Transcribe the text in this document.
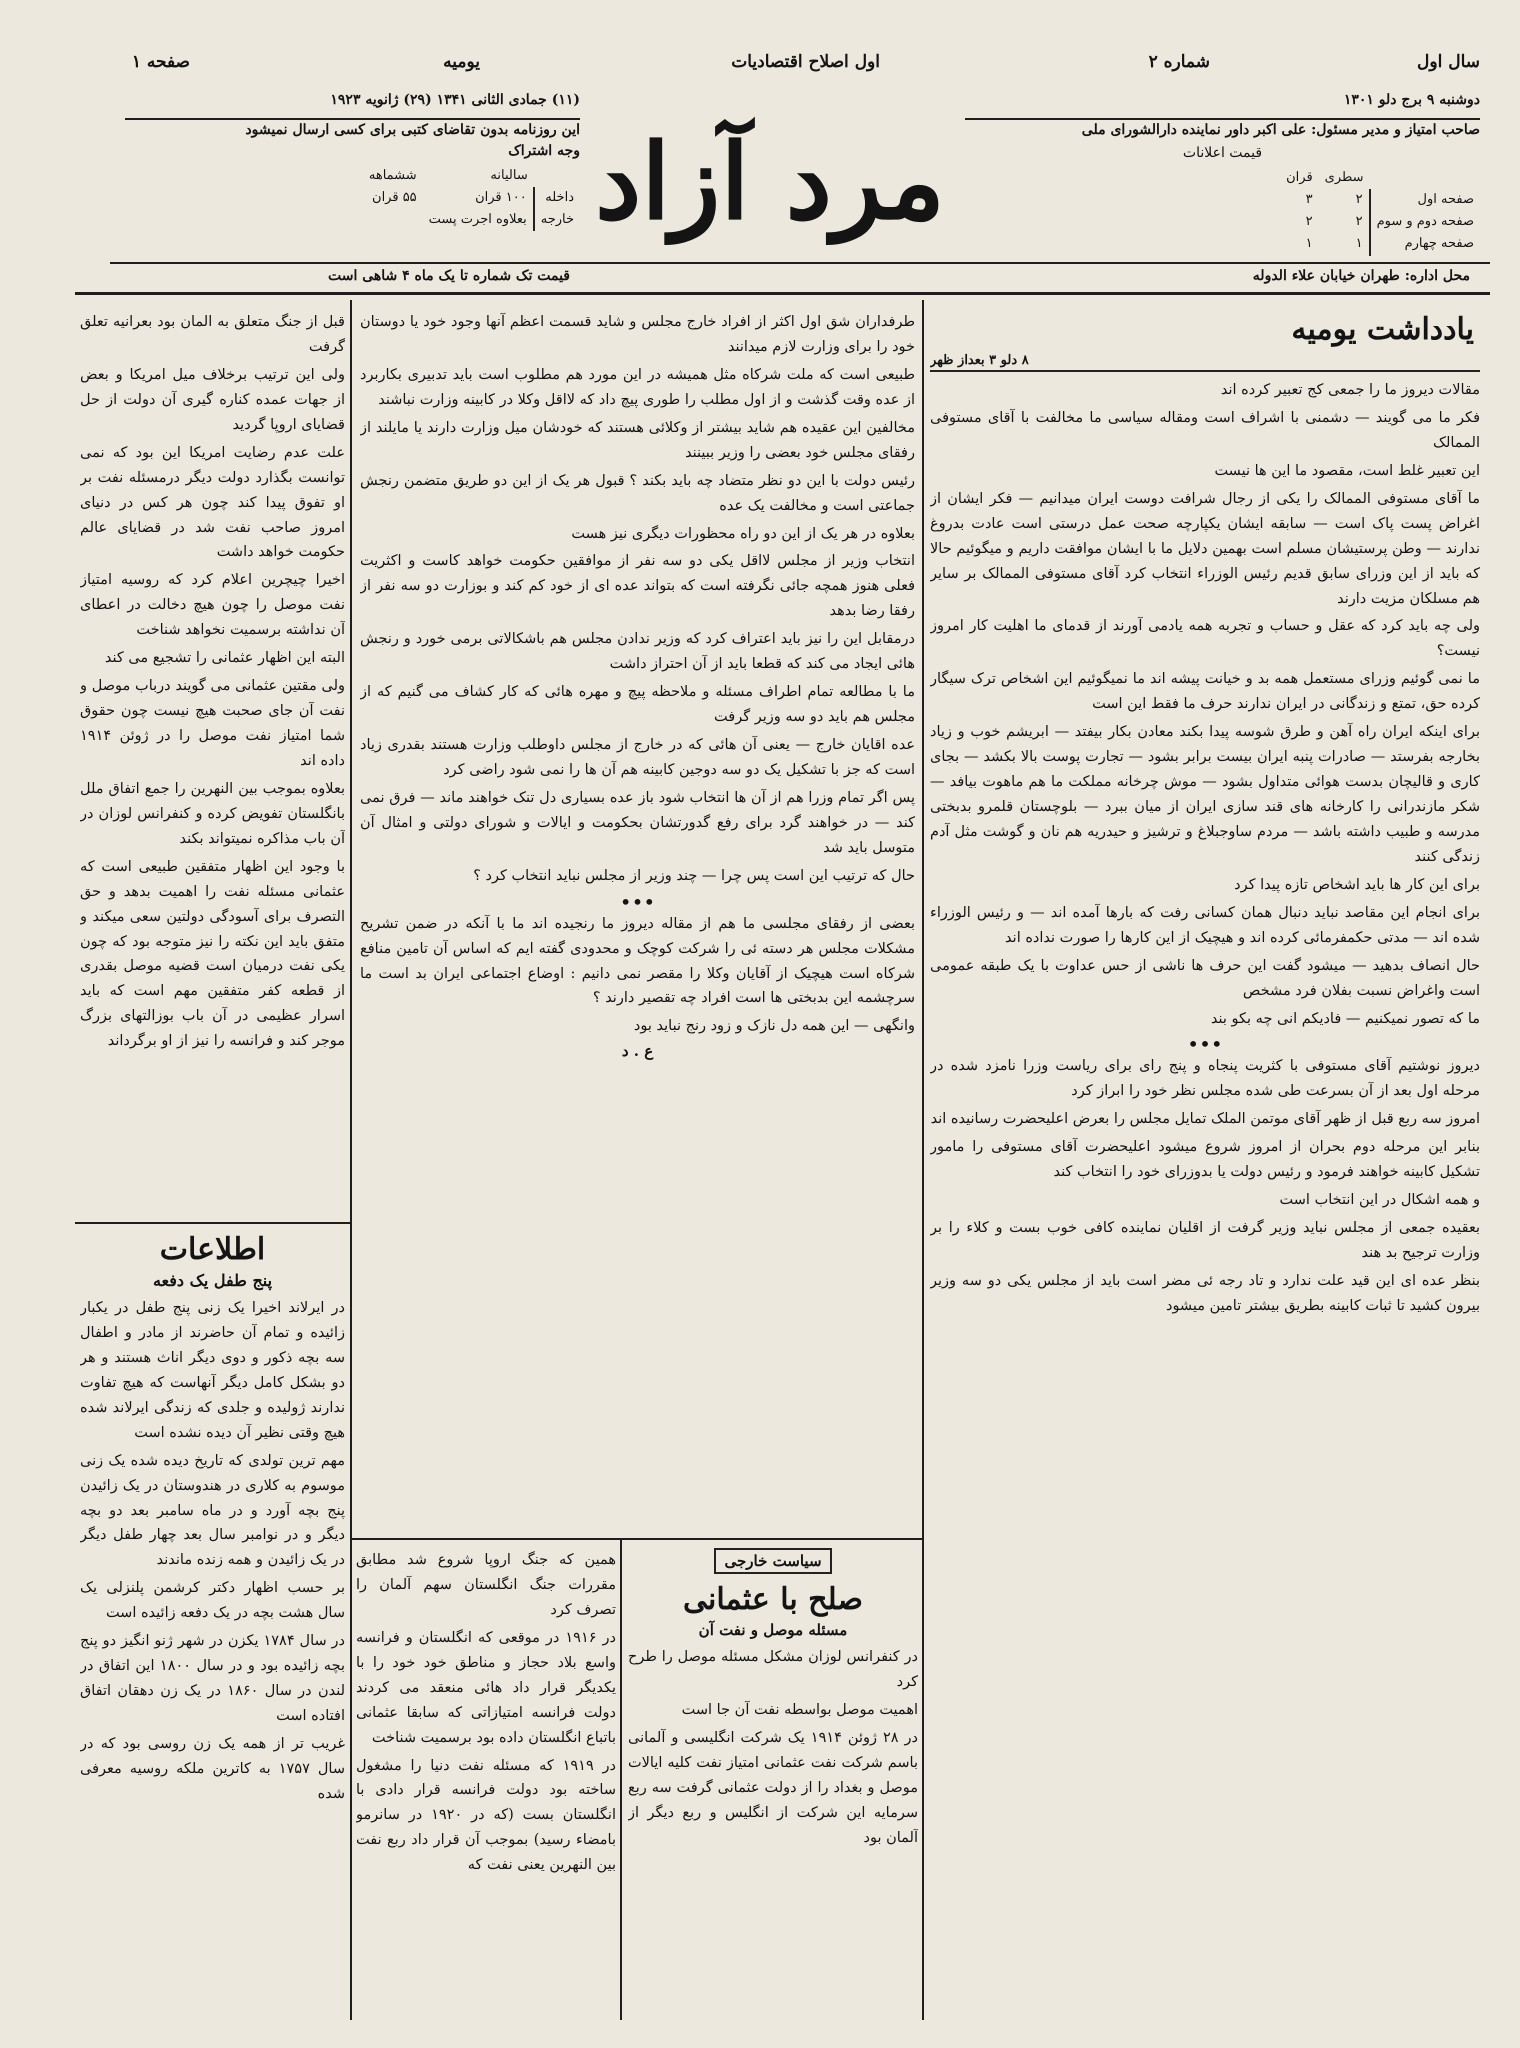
سال اول
شماره ۲
اول اصلاح اقتصادیات
یومیه
صفحه ۱
دوشنبه ۹ برج دلو ۱۳۰۱
صاحب امتیاز و مدیر مسئول: علی اکبر داور نماینده دارالشورای ملی
قیمت اعلانات
	سطری	قران
صفحه اول	۲	۳
صفحه دوم و سوم	۲	۲
صفحه چهارم	۱	۱
مرد آزاد
(۱۱) جمادی الثانی ۱۳۴۱ (۲۹) ژانویه ۱۹۲۳
این روزنامه بدون تقاضای کتبی برای کسی ارسال نمیشود
وجه اشتراک
	سالیانه	ششماهه
داخله	۱۰۰ قران	۵۵ قران
خارجه	بعلاوه اجرت پست	
محل اداره: طهران خیابان علاء الدوله
قیمت تک شماره تا یک ماه ۴ شاهی است
یادداشت یومیه
۸ دلو ۳ بعداز ظهر

مقالات دیروز ما را جمعی کج تعبیر کرده اند

فکر ما می گویند — دشمنی با اشراف است ومقاله سیاسی ما مخالفت با آقای مستوفی الممالک

این تعبیر غلط است، مقصود ما این ها نیست

ما آقای مستوفی الممالک را یکی از رجال شرافت دوست ایران میدانیم — فکر ایشان از اغراض پست پاک است — سابقه ایشان یکپارچه صحت عمل درستی است عادت بدروغ ندارند — وطن پرستیشان مسلم است بهمین دلایل ما با ایشان موافقت داریم و میگوئیم حالا که باید از این وزرای سابق قدیم رئیس الوزراء انتخاب کرد آقای مستوفی الممالک بر سایر هم مسلکان مزیت دارند

ولی چه باید کرد که عقل و حساب و تجربه همه یادمی آورند از قدمای ما اهلیت کار امروز نیست؟

ما نمی گوئیم وزرای مستعمل همه بد و خیانت پیشه اند ما نمیگوئیم این اشخاص ترک سیگار کرده حق، تمتع و زندگانی در ایران ندارند حرف ما فقط این است

برای اینکه ایران راه آهن و طرق شوسه پیدا بکند معادن بکار بیفتد — ابریشم خوب و زیاد بخارجه بفرستد — صادرات پنبه ایران بیست برابر بشود — تجارت پوست بالا بکشد — بجای کاری و قالیچان بدست هوائی متداول بشود — موش چرخانه مملکت ما هم ماهوت بیافد — شکر مازندرانی را کارخانه های قند سازی ایران از میان ببرد — بلوچستان قلمرو بدبختی مدرسه و طبیب داشته باشد — مردم ساوجبلاغ و ترشیز و حیدریه هم نان و گوشت مثل آدم زندگی کنند

برای این کار ها باید اشخاص تازه پیدا کرد

برای انجام این مقاصد نباید دنبال همان کسانی رفت که بارها آمده اند — و رئیس الوزراء شده اند — مدتی حکمفرمائی کرده اند و هیچیک از این کارها را صورت نداده اند

حال انصاف بدهید — میشود گفت این حرف ها ناشی از حس عداوت با یک طبقه عمومی است واغراض نسبت بفلان فرد مشخص

ما که تصور نمیکنیم — فادیکم انی چه بکو بند

•••

دیروز نوشتیم آقای مستوفی با کثریت پنجاه و پنج رای برای ریاست وزرا نامزد شده در مرحله اول بعد از آن بسرعت طی شده مجلس نظر خود را ابراز کرد

امروز سه ربع قبل از ظهر آقای موتمن الملک تمایل مجلس را بعرض اعلیحضرت رسانیده اند

بنابر این مرحله دوم بحران از امروز شروع میشود اعلیحضرت آقای مستوفی را مامور تشکیل کابینه خواهند فرمود و رئیس دولت یا بدوزرای خود را انتخاب کند

و همه اشکال در این انتخاب است

بعقیده جمعی از مجلس نباید وزیر گرفت از اقلیان نماینده کافی خوب بست و کلاء را بر وزارت ترجیح بد هند

بنظر عده ای این قید علت ندارد و تاد رجه ئی مضر است باید از مجلس یکی دو سه وزیر بیرون کشید تا ثبات کابینه بطریق بیشتر تامین میشود

طرفداران شق اول اکثر از افراد خارج مجلس و شاید قسمت اعظم آنها وجود خود یا دوستان خود را برای وزارت لازم میدانند

طبیعی است که ملت شرکاه مثل همیشه در این مورد هم مطلوب است باید تدبیری بکاربرد از عده وقت گذشت و از اول مطلب را طوری پیچ داد که لااقل وکلا در کابینه وزارت نباشند

مخالفین این عقیده هم شاید بیشتر از وکلائی هستند که خودشان میل وزارت دارند یا مایلند از رفقای مجلس خود بعضی را وزیر ببینند

رئیس دولت با این دو نظر متضاد چه باید بکند ؟ قبول هر یک از این دو طریق متضمن رنجش جماعتی است و مخالفت یک عده

بعلاوه در هر یک از این دو راه محظورات دیگری نیز هست

انتخاب وزیر از مجلس لااقل یکی دو سه نفر از موافقین حکومت خواهد کاست و اکثریت فعلی هنوز همچه جائی نگرفته است که بتواند عده ای از خود کم کند و بوزارت دو سه نفر از رفقا رضا بدهد

درمقابل این را نیز باید اعتراف کرد که وزیر ندادن مجلس هم باشکالاتی برمی خورد و رنجش هائی ایجاد می کند که قطعا باید از آن احتراز داشت

ما با مطالعه تمام اطراف مسئله و ملاحظه پیچ و مهره هائی که کار کشاف می گنیم که از مجلس هم باید دو سه وزیر گرفت

عده اقایان خارج — یعنی آن هائی که در خارج از مجلس داوطلب وزارت هستند بقدری زیاد است که جز با تشکیل یک دو سه دوجین کابینه هم آن ها را نمی شود راضی کرد

پس اگر تمام وزرا هم از آن ها انتخاب شود باز عده بسیاری دل تنک خواهند ماند — فرق نمی کند — در خواهند گرد برای رفع گدورتشان بحکومت و ایالات و شورای دولتی و امثال آن متوسل باید شد

حال که ترتیب این است پس چرا — چند وزیر از مجلس نباید انتخاب کرد ؟

•••

بعضی از رفقای مجلسی ما هم از مقاله دیروز ما رنجیده اند ما با آنکه در ضمن تشریح مشکلات مجلس هر دسته ئی را شرکت کوچک و محدودی گفته ایم که اساس آن تامین منافع شرکاه است هیچیک از آقایان وکلا را مقصر نمی دانیم : اوضاع اجتماعی ایران بد است ما سرچشمه این بدبختی ها است افراد چه تقصیر دارند ؟

وانگهی — این همه دل نازک و زود رنج نباید بود

ع . د

قبل از جنگ متعلق به المان بود بعرانیه تعلق گرفت

ولی این ترتیب برخلاف میل امریکا و بعض از جهات عمده کناره گیری آن دولت از حل قضایای اروپا گردید

علت عدم رضایت امریکا این بود که نمی توانست بگذارد دولت دیگر درمسئله نفت بر او تفوق پیدا کند چون هر کس در دنیای امروز صاحب نفت شد در قضایای عالم حکومت خواهد داشت

اخیرا چیچرین اعلام کرد که روسیه امتیاز نفت موصل را چون هیچ دخالت در اعطای آن نداشته برسمیت نخواهد شناخت

البته این اظهار عثمانی را تشجیع می کند

ولی مقتین عثمانی می گویند درباب موصل و نفت آن جای صحبت هیچ نیست چون حقوق شما امتیاز نفت موصل را در ژوئن ۱۹۱۴ داده اند

بعلاوه بموجب بین النهرین را جمع اتفاق ملل بانگلستان تفویض کرده و کنفرانس لوزان در آن باب مذاکره نمیتواند بکند

با وجود این اظهار متفقین طبیعی است که عثمانی مسئله نفت را اهمیت بدهد و حق التصرف برای آسودگی دولتین سعی میکند و متفق باید این نکته را نیز متوجه بود که چون یکی نفت درمیان است قضیه موصل بقدری از قطعه کفر متفقین مهم است که باید اسرار عظیمی در آن باب بوزالتهای بزرگ موجر کند و فرانسه را نیز از او برگرداند

اطلاعات
پنج طفل یک دفعه

در ایرلاند اخیرا یک زنی پنج طفل در یکبار زائیده و تمام آن حاضرند از مادر و اطفال سه بچه ذکور و دوی دیگر اناث هستند و هر دو بشکل کامل دیگر آنهاست که هیچ تفاوت ندارند ژولیده و جلدی که زندگی ایرلاند شده هیچ وقتی نظیر آن دیده نشده است

مهم ترین تولدی که تاریخ دیده شده یک زنی موسوم به کلاری در هندوستان در یک زائیدن پنج بچه آورد و در ماه سامبر بعد دو بچه دیگر و در نوامبر سال بعد چهار طفل دیگر در یک زائیدن و همه زنده ماندند

بر حسب اظهار دکتر کرشمن پلنزلی یک سال هشت بچه در یک دفعه زائیده است

در سال ۱۷۸۴ یکزن در شهر ژنو انگیز دو پنج بچه زائیده بود و در سال ۱۸۰۰ این اتفاق در لندن در سال ۱۸۶۰ در یک زن دهقان اتفاق افتاده است

غریب تر از همه یک زن روسی بود که در سال ۱۷۵۷ به کاترین ملکه روسیه معرفی شده

سیاست خارجی
صلح با عثمانی
مسئله موصل و نفت آن

در کنفرانس لوزان مشکل مسئله موصل را طرح کرد

اهمیت موصل بواسطه نفت آن جا است

در ۲۸ ژوئن ۱۹۱۴ یک شرکت انگلیسی و آلمانی باسم شرکت نفت عثمانی امتیاز نفت کلیه ایالات موصل و بغداد را از دولت عثمانی گرفت سه ربع سرمایه این شرکت از انگلیس و ربع دیگر از آلمان بود

همین که جنگ اروپا شروع شد مطابق مقررات جنگ انگلستان سهم آلمان را تصرف کرد

در ۱۹۱۶ در موقعی که انگلستان و فرانسه واسع بلاد حجاز و مناطق خود خود را با یکدیگر قرار داد هائی منعقد می کردند دولت فرانسه امتیازاتی که سابقا عثمانی باتباع انگلستان داده بود برسمیت شناخت

در ۱۹۱۹ که مسئله نفت دنیا را مشغول ساخته بود دولت فرانسه قرار دادی با انگلستان بست (که در ۱۹۲۰ در سانرمو بامضاء رسید) بموجب آن قرار داد ربع نفت بین النهرین یعنی نفت که
